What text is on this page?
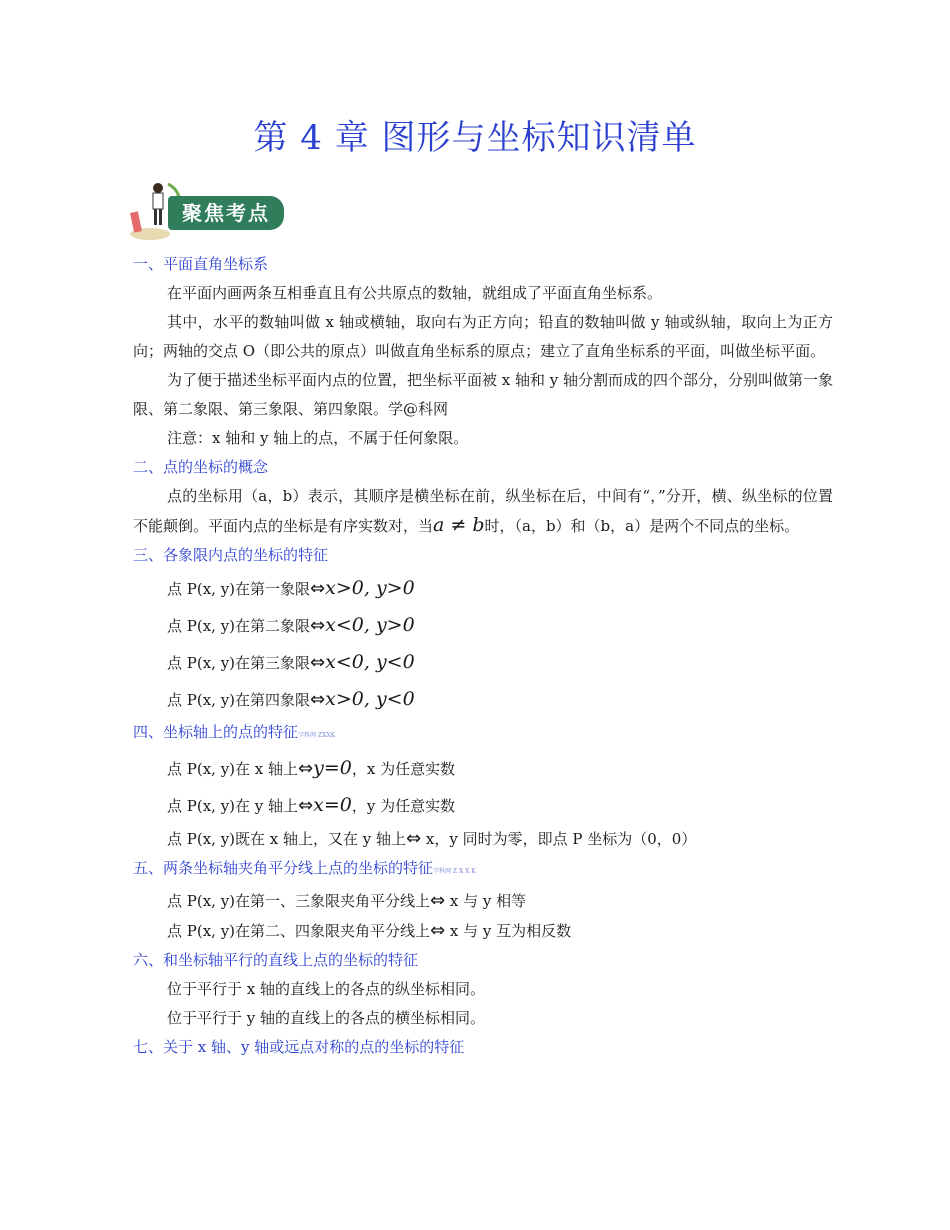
第 4 章 图形与坐标知识清单
聚焦考点

一、平面直角坐标系

在平面内画两条互相垂直且有公共原点的数轴，就组成了平面直角坐标系。

其中，水平的数轴叫做 x 轴或横轴，取向右为正方向；铅直的数轴叫做 y 轴或纵轴，取向上为正方向；两轴的交点 O（即公共的原点）叫做直角坐标系的原点；建立了直角坐标系的平面，叫做坐标平面。

为了便于描述坐标平面内点的位置，把坐标平面被 x 轴和 y 轴分割而成的四个部分，分别叫做第一象限、第二象限、第三象限、第四象限。学@科网

注意：x 轴和 y 轴上的点，不属于任何象限。

二、点的坐标的概念

点的坐标用（a，b）表示，其顺序是横坐标在前，纵坐标在后，中间有“，”分开，横、纵坐标的位置不能颠倒。平面内点的坐标是有序实数对，当a ≠ b时，（a，b）和（b，a）是两个不同点的坐标。

三、各象限内点的坐标的特征

点 P(x, y)在第一象限⇔x>0, y>0
点 P(x, y)在第二象限⇔x<0, y>0
点 P(x, y)在第三象限⇔x<0, y<0
点 P(x, y)在第四象限⇔x>0, y<0

四、坐标轴上的点的特征学科网 ZXXK

点 P(x, y)在 x 轴上⇔y=0，x 为任意实数
点 P(x, y)在 y 轴上⇔x=0，y 为任意实数

点 P(x, y)既在 x 轴上，又在 y 轴上⇔ x，y 同时为零，即点 P 坐标为（0，0）

五、两条坐标轴夹角平分线上点的坐标的特征学科网 Z X X K

点 P(x, y)在第一、三象限夹角平分线上⇔ x 与 y 相等

点 P(x, y)在第二、四象限夹角平分线上⇔ x 与 y 互为相反数

六、和坐标轴平行的直线上点的坐标的特征

位于平行于 x 轴的直线上的各点的纵坐标相同。

位于平行于 y 轴的直线上的各点的横坐标相同。

七、关于 x 轴、y 轴或远点对称的点的坐标的特征
